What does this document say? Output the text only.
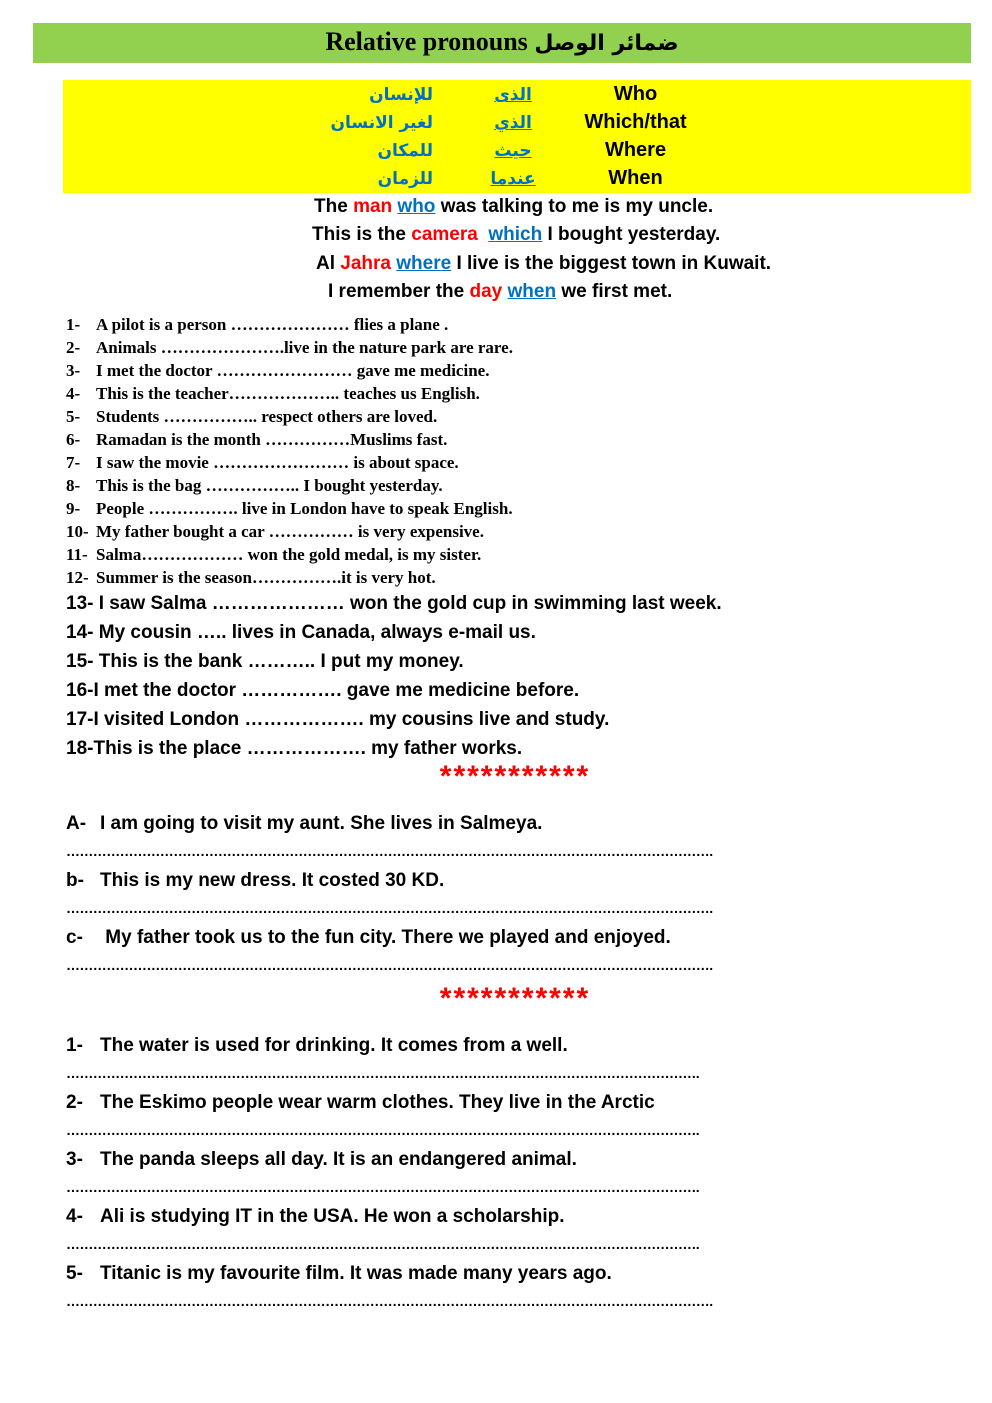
Relative pronouns ضمائر الوصل
للإنسان	الذى	Who
لغير الانسان	الذي	Which/that
للمكان	حيث	Where
للزمان	عندما	When
The man who was talking to me is my uncle.
This is the camera which I bought yesterday.
Al Jahra where I live is the biggest town in Kuwait.
I remember the day when we first met.
1- A pilot is a person ………………… flies a plane .
2- Animals ………………….live in the nature park are rare.
3- I met the doctor …………………… gave me medicine.
4- This is the teacher……………….. teaches us English.
5- Students …………….. respect others are loved.
6- Ramadan is the month ……………Muslims fast.
7- I saw the movie …………………… is about space.
8- This is the bag …………….. I bought yesterday.
9- People ……………. live in London have to speak English.
10- My father bought a car …………… is very expensive.
11- Salma……………… won the gold medal, is my sister.
12- Summer is the season…………….it is very hot.
13- I saw Salma ………………… won the gold cup in swimming last week.
14- My cousin ….. lives in Canada, always e-mail us.
15- This is the bank ……….. I put my money.
16-I met the doctor ……………. gave me medicine before.
17-I visited London ………………. my cousins live and study.
18-This is the place ………………. my father works.
***********
A- I am going to visit my aunt. She lives in Salmeya.
……………………………………………………………………………………………………………………………….
b- This is my new dress. It costed 30 KD.
……………………………………………………………………………………………………………………………….
c- My father took us to the fun city. There we played and enjoyed.
……………………………………………………………………………………………………………………………….
***********
1- The water is used for drinking. It comes from a well.
…………………………………………………………………………………………………………………………….
2- The Eskimo people wear warm clothes. They live in the Arctic
…………………………………………………………………………………………………………………………….
3- The panda sleeps all day. It is an endangered animal.
…………………………………………………………………………………………………………………………….
4- Ali is studying IT in the USA. He won a scholarship.
…………………………………………………………………………………………………………………………….
5- Titanic is my favourite film. It was made many years ago.
……………………………………………………………………………………………………………………………….
